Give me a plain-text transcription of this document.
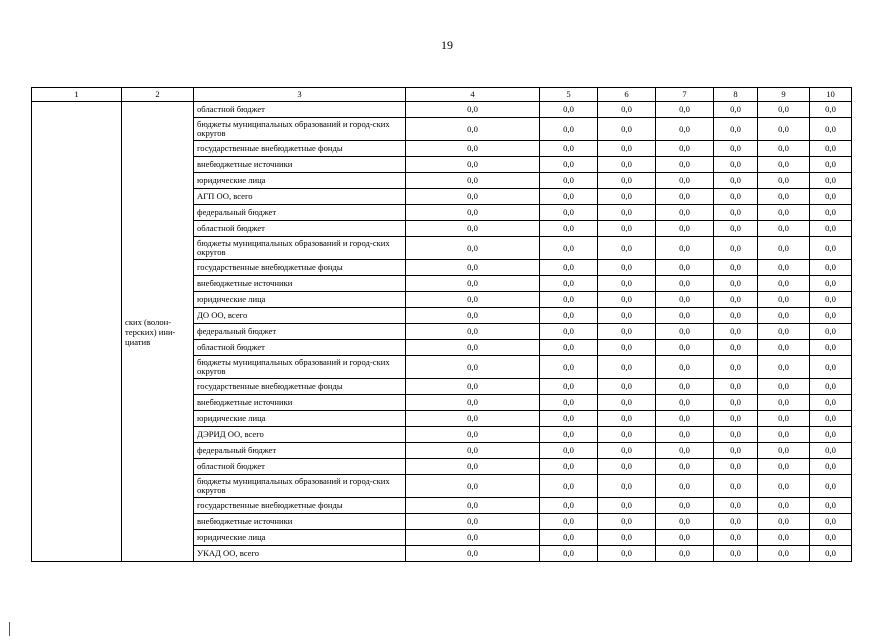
19
1	2	3	4	5	6	7	8	9	10
	ских (волон-терских) ини-циатив	областной бюджет	0,0	0,0	0,0	0,0	0,0	0,0	0,0
		бюджеты муниципальных образований и город-ских округов	0,0	0,0	0,0	0,0	0,0	0,0	0,0
		государственные внебюджетные фонды	0,0	0,0	0,0	0,0	0,0	0,0	0,0
		внебюджетные источники	0,0	0,0	0,0	0,0	0,0	0,0	0,0
		юридические лица	0,0	0,0	0,0	0,0	0,0	0,0	0,0
		АГП ОО, всего	0,0	0,0	0,0	0,0	0,0	0,0	0,0
		федеральный бюджет	0,0	0,0	0,0	0,0	0,0	0,0	0,0
		областной бюджет	0,0	0,0	0,0	0,0	0,0	0,0	0,0
		бюджеты муниципальных образований и город-ских округов	0,0	0,0	0,0	0,0	0,0	0,0	0,0
		государственные внебюджетные фонды	0,0	0,0	0,0	0,0	0,0	0,0	0,0
		внебюджетные источники	0,0	0,0	0,0	0,0	0,0	0,0	0,0
		юридические лица	0,0	0,0	0,0	0,0	0,0	0,0	0,0
		ДО ОО, всего	0,0	0,0	0,0	0,0	0,0	0,0	0,0
		федеральный бюджет	0,0	0,0	0,0	0,0	0,0	0,0	0,0
		областной бюджет	0,0	0,0	0,0	0,0	0,0	0,0	0,0
		бюджеты муниципальных образований и город-ских округов	0,0	0,0	0,0	0,0	0,0	0,0	0,0
		государственные внебюджетные фонды	0,0	0,0	0,0	0,0	0,0	0,0	0,0
		внебюджетные источники	0,0	0,0	0,0	0,0	0,0	0,0	0,0
		юридические лица	0,0	0,0	0,0	0,0	0,0	0,0	0,0
		ДЭРИД ОО, всего	0,0	0,0	0,0	0,0	0,0	0,0	0,0
		федеральный бюджет	0,0	0,0	0,0	0,0	0,0	0,0	0,0
		областной бюджет	0,0	0,0	0,0	0,0	0,0	0,0	0,0
		бюджеты муниципальных образований и город-ских округов	0,0	0,0	0,0	0,0	0,0	0,0	0,0
		государственные внебюджетные фонды	0,0	0,0	0,0	0,0	0,0	0,0	0,0
		внебюджетные источники	0,0	0,0	0,0	0,0	0,0	0,0	0,0
		юридические лица	0,0	0,0	0,0	0,0	0,0	0,0	0,0
		УКАД ОО, всего	0,0	0,0	0,0	0,0	0,0	0,0	0,0
